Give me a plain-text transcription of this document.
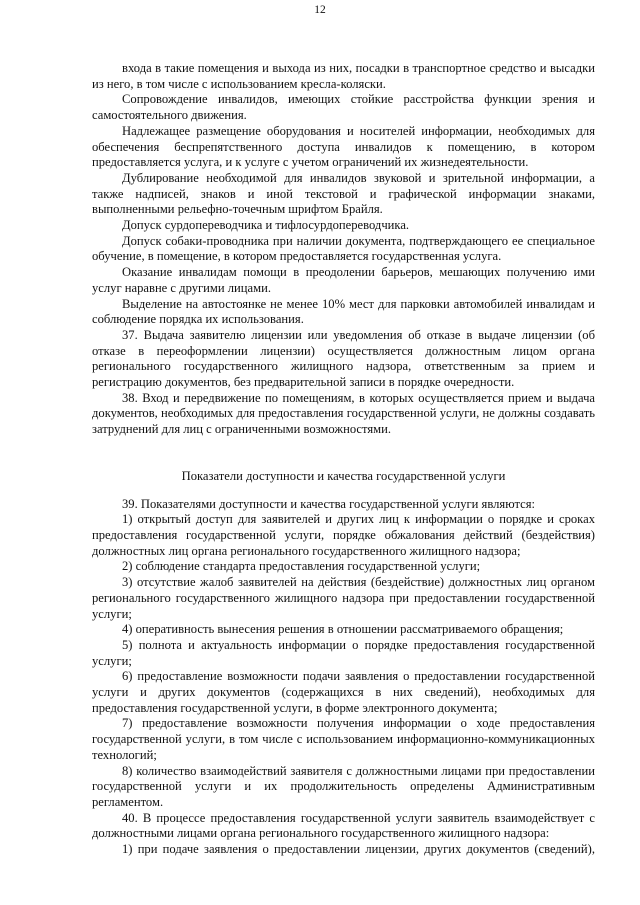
12

входа в такие помещения и выхода из них, посадки в транспортное средство и высадки из него, в том числе с использованием кресла-коляски.

Сопровождение инвалидов, имеющих стойкие расстройства функции зрения и самостоятельного движения.

Надлежащее размещение оборудования и носителей информации, необходимых для обеспечения беспрепятственного доступа инвалидов к помещению, в котором предоставляется услуга, и к услуге с учетом ограничений их жизнедеятельности.

Дублирование необходимой для инвалидов звуковой и зрительной информации, а также надписей, знаков и иной текстовой и графической информации знаками, выполненными рельефно-точечным шрифтом Брайля.

Допуск сурдопереводчика и тифлосурдопереводчика.

Допуск собаки-проводника при наличии документа, подтверждающего ее специальное обучение, в помещение, в котором предоставляется государственная услуга.

Оказание инвалидам помощи в преодолении барьеров, мешающих получению ими услуг наравне с другими лицами.

Выделение на автостоянке не менее 10% мест для парковки автомобилей инвалидам и соблюдение порядка их использования.

37. Выдача заявителю лицензии или уведомления об отказе в выдаче лицензии (об отказе в переоформлении лицензии) осуществляется должностным лицом органа регионального государственного жилищного надзора, ответственным за прием и регистрацию документов, без предварительной записи в порядке очередности.

38. Вход и передвижение по помещениям, в которых осуществляется прием и выдача документов, необходимых для предоставления государственной услуги, не должны создавать затруднений для лиц с ограниченными возможностями.

Показатели доступности и качества государственной услуги

39. Показателями доступности и качества государственной услуги являются:

1) открытый доступ для заявителей и других лиц к информации о порядке и сроках предоставления государственной услуги, порядке обжалования действий (бездействия) должностных лиц органа регионального государственного жилищного надзора;

2) соблюдение стандарта предоставления государственной услуги;

3) отсутствие жалоб заявителей на действия (бездействие) должностных лиц органом регионального государственного жилищного надзора при предоставлении государственной услуги;

4) оперативность вынесения решения в отношении рассматриваемого обращения;

5) полнота и актуальность информации о порядке предоставления государственной услуги;

6) предоставление возможности подачи заявления о предоставлении государственной услуги и других документов (содержащихся в них сведений), необходимых для предоставления государственной услуги, в форме электронного документа;

7) предоставление возможности получения информации о ходе предоставления государственной услуги, в том числе с использованием информационно-коммуникационных технологий;

8) количество взаимодействий заявителя с должностными лицами при предоставлении государственной услуги и их продолжительность определены Административным регламентом.

40. В процессе предоставления государственной услуги заявитель взаимодействует с должностными лицами органа регионального государственного жилищного надзора:

1) при подаче заявления о предоставлении лицензии, других документов (сведений),
